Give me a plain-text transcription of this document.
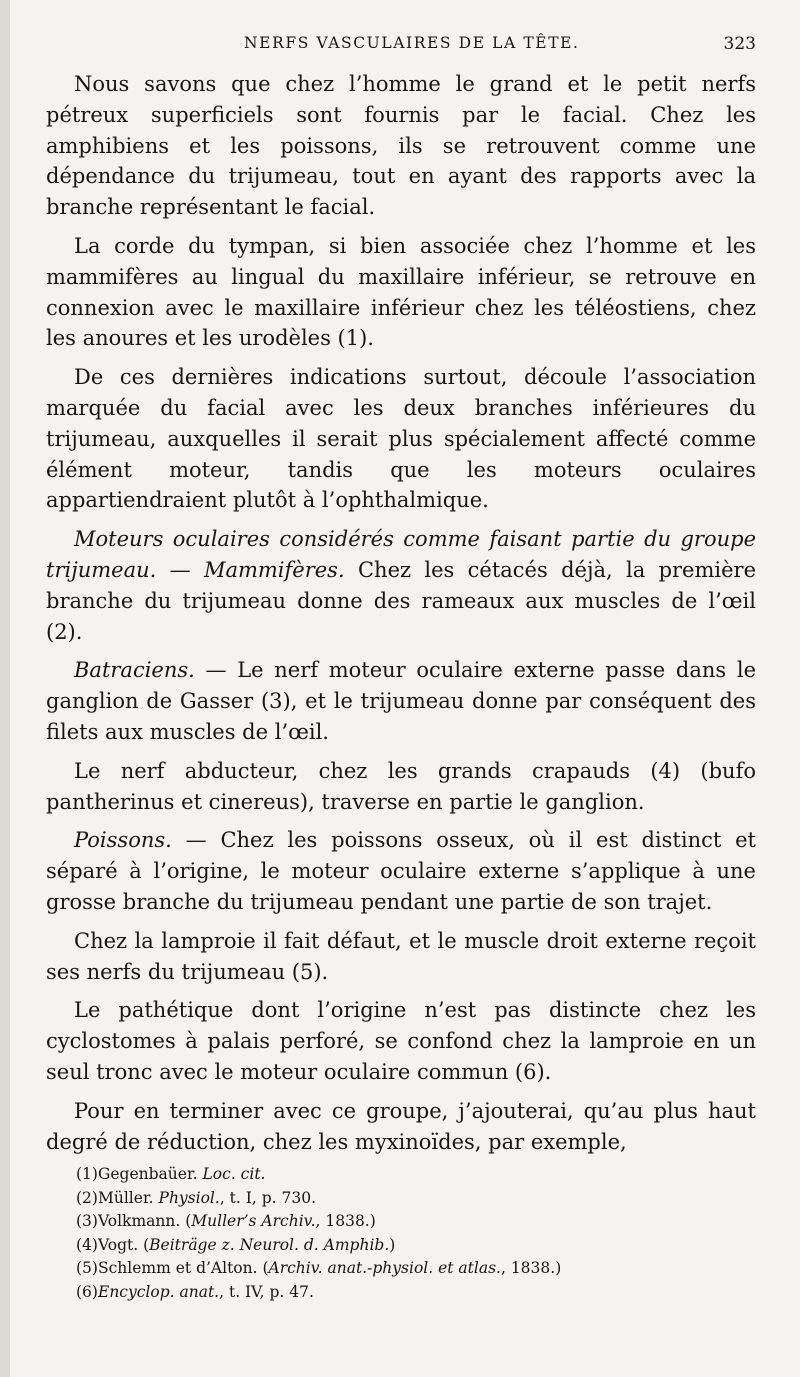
NERFS VASCULAIRES DE LA TÊTE.	323

Nous savons que chez l’homme le grand et le petit nerfs pétreux superficiels sont fournis par le facial. Chez les amphibiens et les poissons, ils se retrouvent comme une dépendance du trijumeau, tout en ayant des rapports avec la branche représentant le facial.

La corde du tympan, si bien associée chez l’homme et les mammifères au lingual du maxillaire inférieur, se retrouve en connexion avec le maxillaire inférieur chez les téléostiens, chez les anoures et les urodèles (1).

De ces dernières indications surtout, découle l’association marquée du facial avec les deux branches inférieures du trijumeau, auxquelles il serait plus spécialement affecté comme élément moteur, tandis que les moteurs oculaires appartiendraient plutôt à l’ophthalmique.

Moteurs oculaires considérés comme faisant partie du groupe trijumeau. — Mammifères. Chez les cétacés déjà, la première branche du trijumeau donne des rameaux aux muscles de l’œil (2).

Batraciens. — Le nerf moteur oculaire externe passe dans le ganglion de Gasser (3), et le trijumeau donne par conséquent des filets aux muscles de l’œil.

Le nerf abducteur, chez les grands crapauds (4) (bufo pantherinus et cinereus), traverse en partie le ganglion.

Poissons. — Chez les poissons osseux, où il est distinct et séparé à l’origine, le moteur oculaire externe s’applique à une grosse branche du trijumeau pendant une partie de son trajet.

Chez la lamproie il fait défaut, et le muscle droit externe reçoit ses nerfs du trijumeau (5).

Le pathétique dont l’origine n’est pas distincte chez les cyclostomes à palais perforé, se confond chez la lamproie en un seul tronc avec le moteur oculaire commun (6).

Pour en terminer avec ce groupe, j’ajouterai, qu’au plus haut degré de réduction, chez les myxinoïdes, par exemple,

(1)Gegenbaüer. Loc. cit.
(2)Müller. Physiol., t. I, p. 730.
(3)Volkmann. (Muller’s Archiv., 1838.)
(4)Vogt. (Beiträge z. Neurol. d. Amphib.)
(5)Schlemm et d’Alton. (Archiv. anat.-physiol. et atlas., 1838.)
(6)Encyclop. anat., t. IV, p. 47.
